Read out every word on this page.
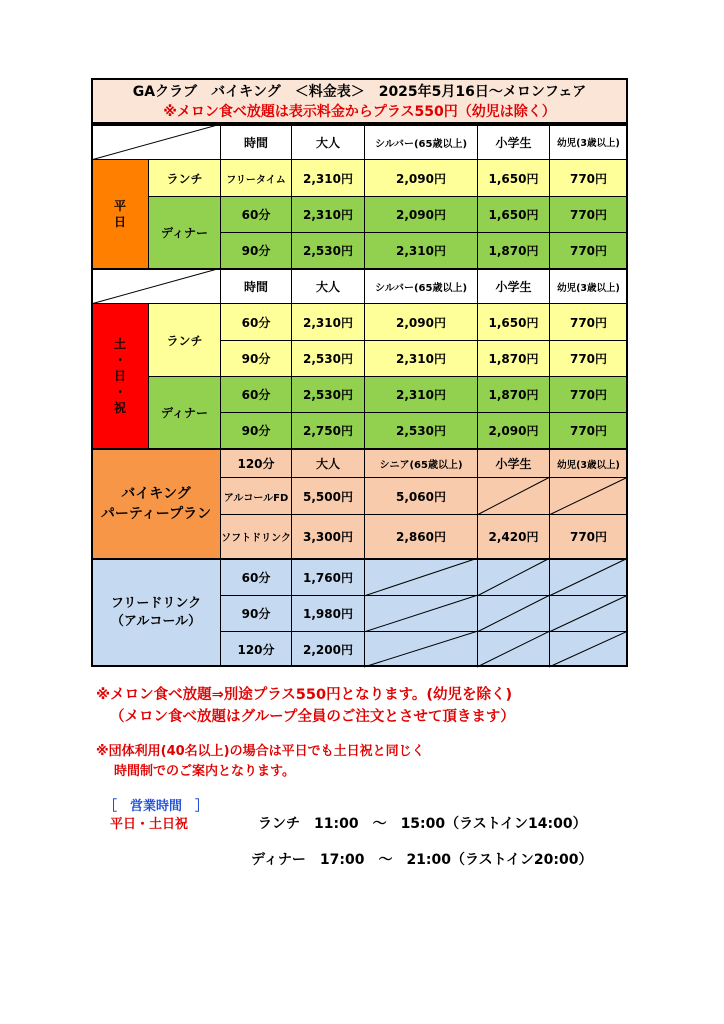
GAクラブ　バイキング　＜料金表＞　2025年5月16日～メロンフェア
※メロン食べ放題は表示料金からプラス550円（幼児は除く）
時間	大人	シルバー(65歳以上)	小学生	幼児(3歳以上)
平
日
ランチ	フリータイム	2,310円	2,090円	1,650円	770円
ディナー
60分	2,310円	2,090円	1,650円	770円
90分	2,530円	2,310円	1,870円	770円
時間	大人	シルバー(65歳以上)	小学生	幼児(3歳以上)
土
・
日
・
祝
ランチ
60分	2,310円	2,090円	1,650円	770円
90分	2,530円	2,310円	1,870円	770円
ディナー
60分	2,530円	2,310円	1,870円	770円
90分	2,750円	2,530円	2,090円	770円
バイキング
パーティープラン
120分	大人	シニア(65歳以上)	小学生	幼児(3歳以上)
アルコールFD	5,500円	5,060円
ソフトドリンク	3,300円	2,860円	2,420円	770円
フリードリンク
（アルコール）
60分	1,760円
90分	1,980円
120分	2,200円
※メロン食べ放題⇒別途プラス550円となります。(幼児を除く)
（メロン食べ放題はグループ全員のご注文とさせて頂きます）
※団体利用(40名以上)の場合は平日でも土日祝と同じく
時間制でのご案内となります。
［　営業時間　］
平日・土日祝	ランチ　11:00　～　15:00（ラストイン14:00）
ディナー　17:00　～　21:00（ラストイン20:00）
